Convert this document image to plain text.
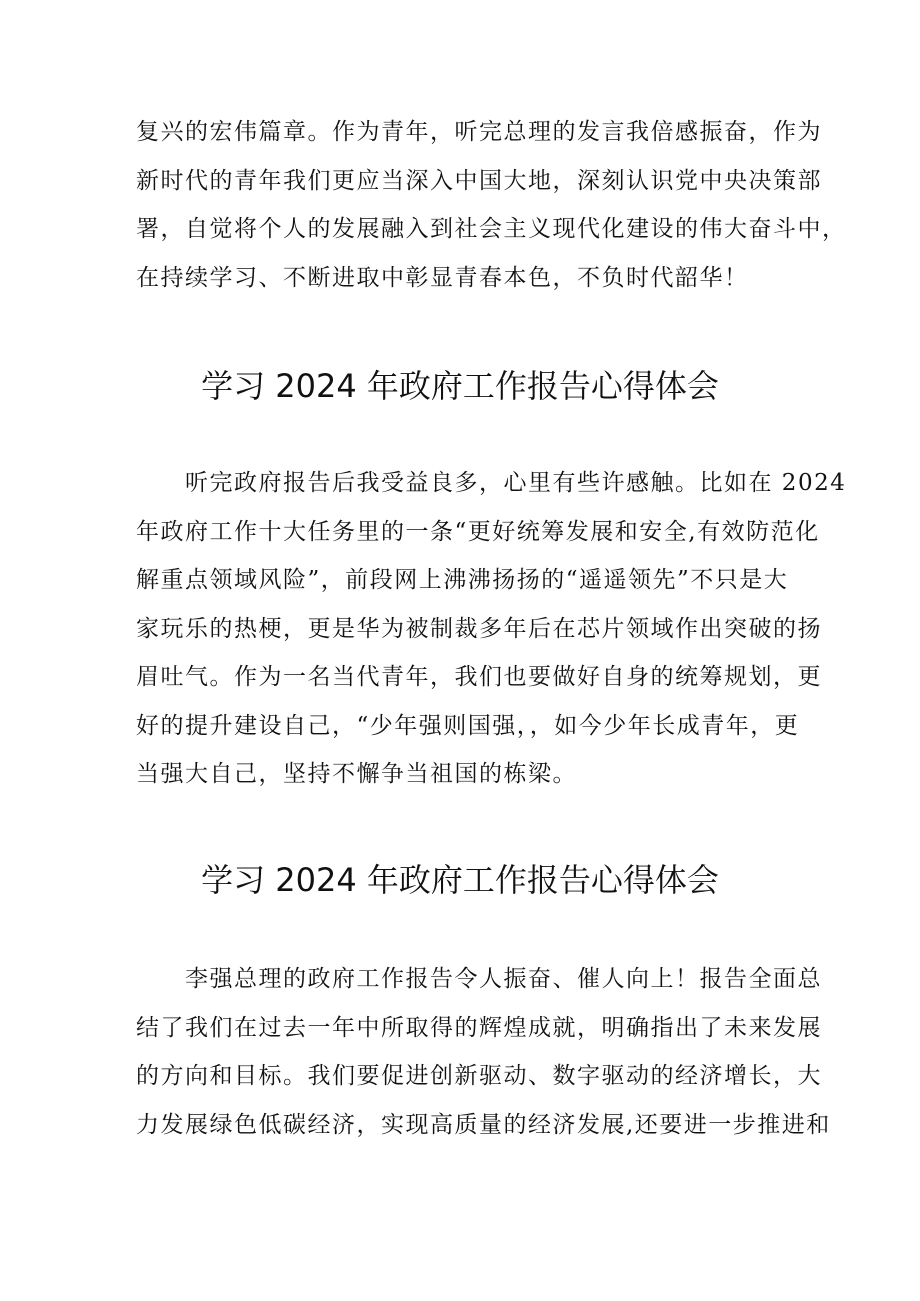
复兴的宏伟篇章。作为青年，听完总理的发言我倍感振奋，作为
新时代的青年我们更应当深入中国大地，深刻认识党中央决策部
署，自觉将个人的发展融入到社会主义现代化建设的伟大奋斗中，
在持续学习、不断进取中彰显青春本色，不负时代韶华！
学习 2024 年政府工作报告心得体会
　　听完政府报告后我受益良多，心里有些许感触。比如在 2024
年政府工作十大任务里的一条“更好统筹发展和安全,有效防范化
解重点领域风险”，前段网上沸沸扬扬的“遥遥领先”不只是大
家玩乐的热梗，更是华为被制裁多年后在芯片领域作出突破的扬
眉吐气。作为一名当代青年，我们也要做好自身的统筹规划，更
好的提升建设自己，“少年强则国强，，如今少年长成青年，更
当强大自己，坚持不懈争当祖国的栋梁。
学习 2024 年政府工作报告心得体会
　　李强总理的政府工作报告令人振奋、催人向上！报告全面总
结了我们在过去一年中所取得的辉煌成就，明确指出了未来发展
的方向和目标。我们要促进创新驱动、数字驱动的经济增长，大
力发展绿色低碳经济，实现高质量的经济发展,还要进一步推进和
